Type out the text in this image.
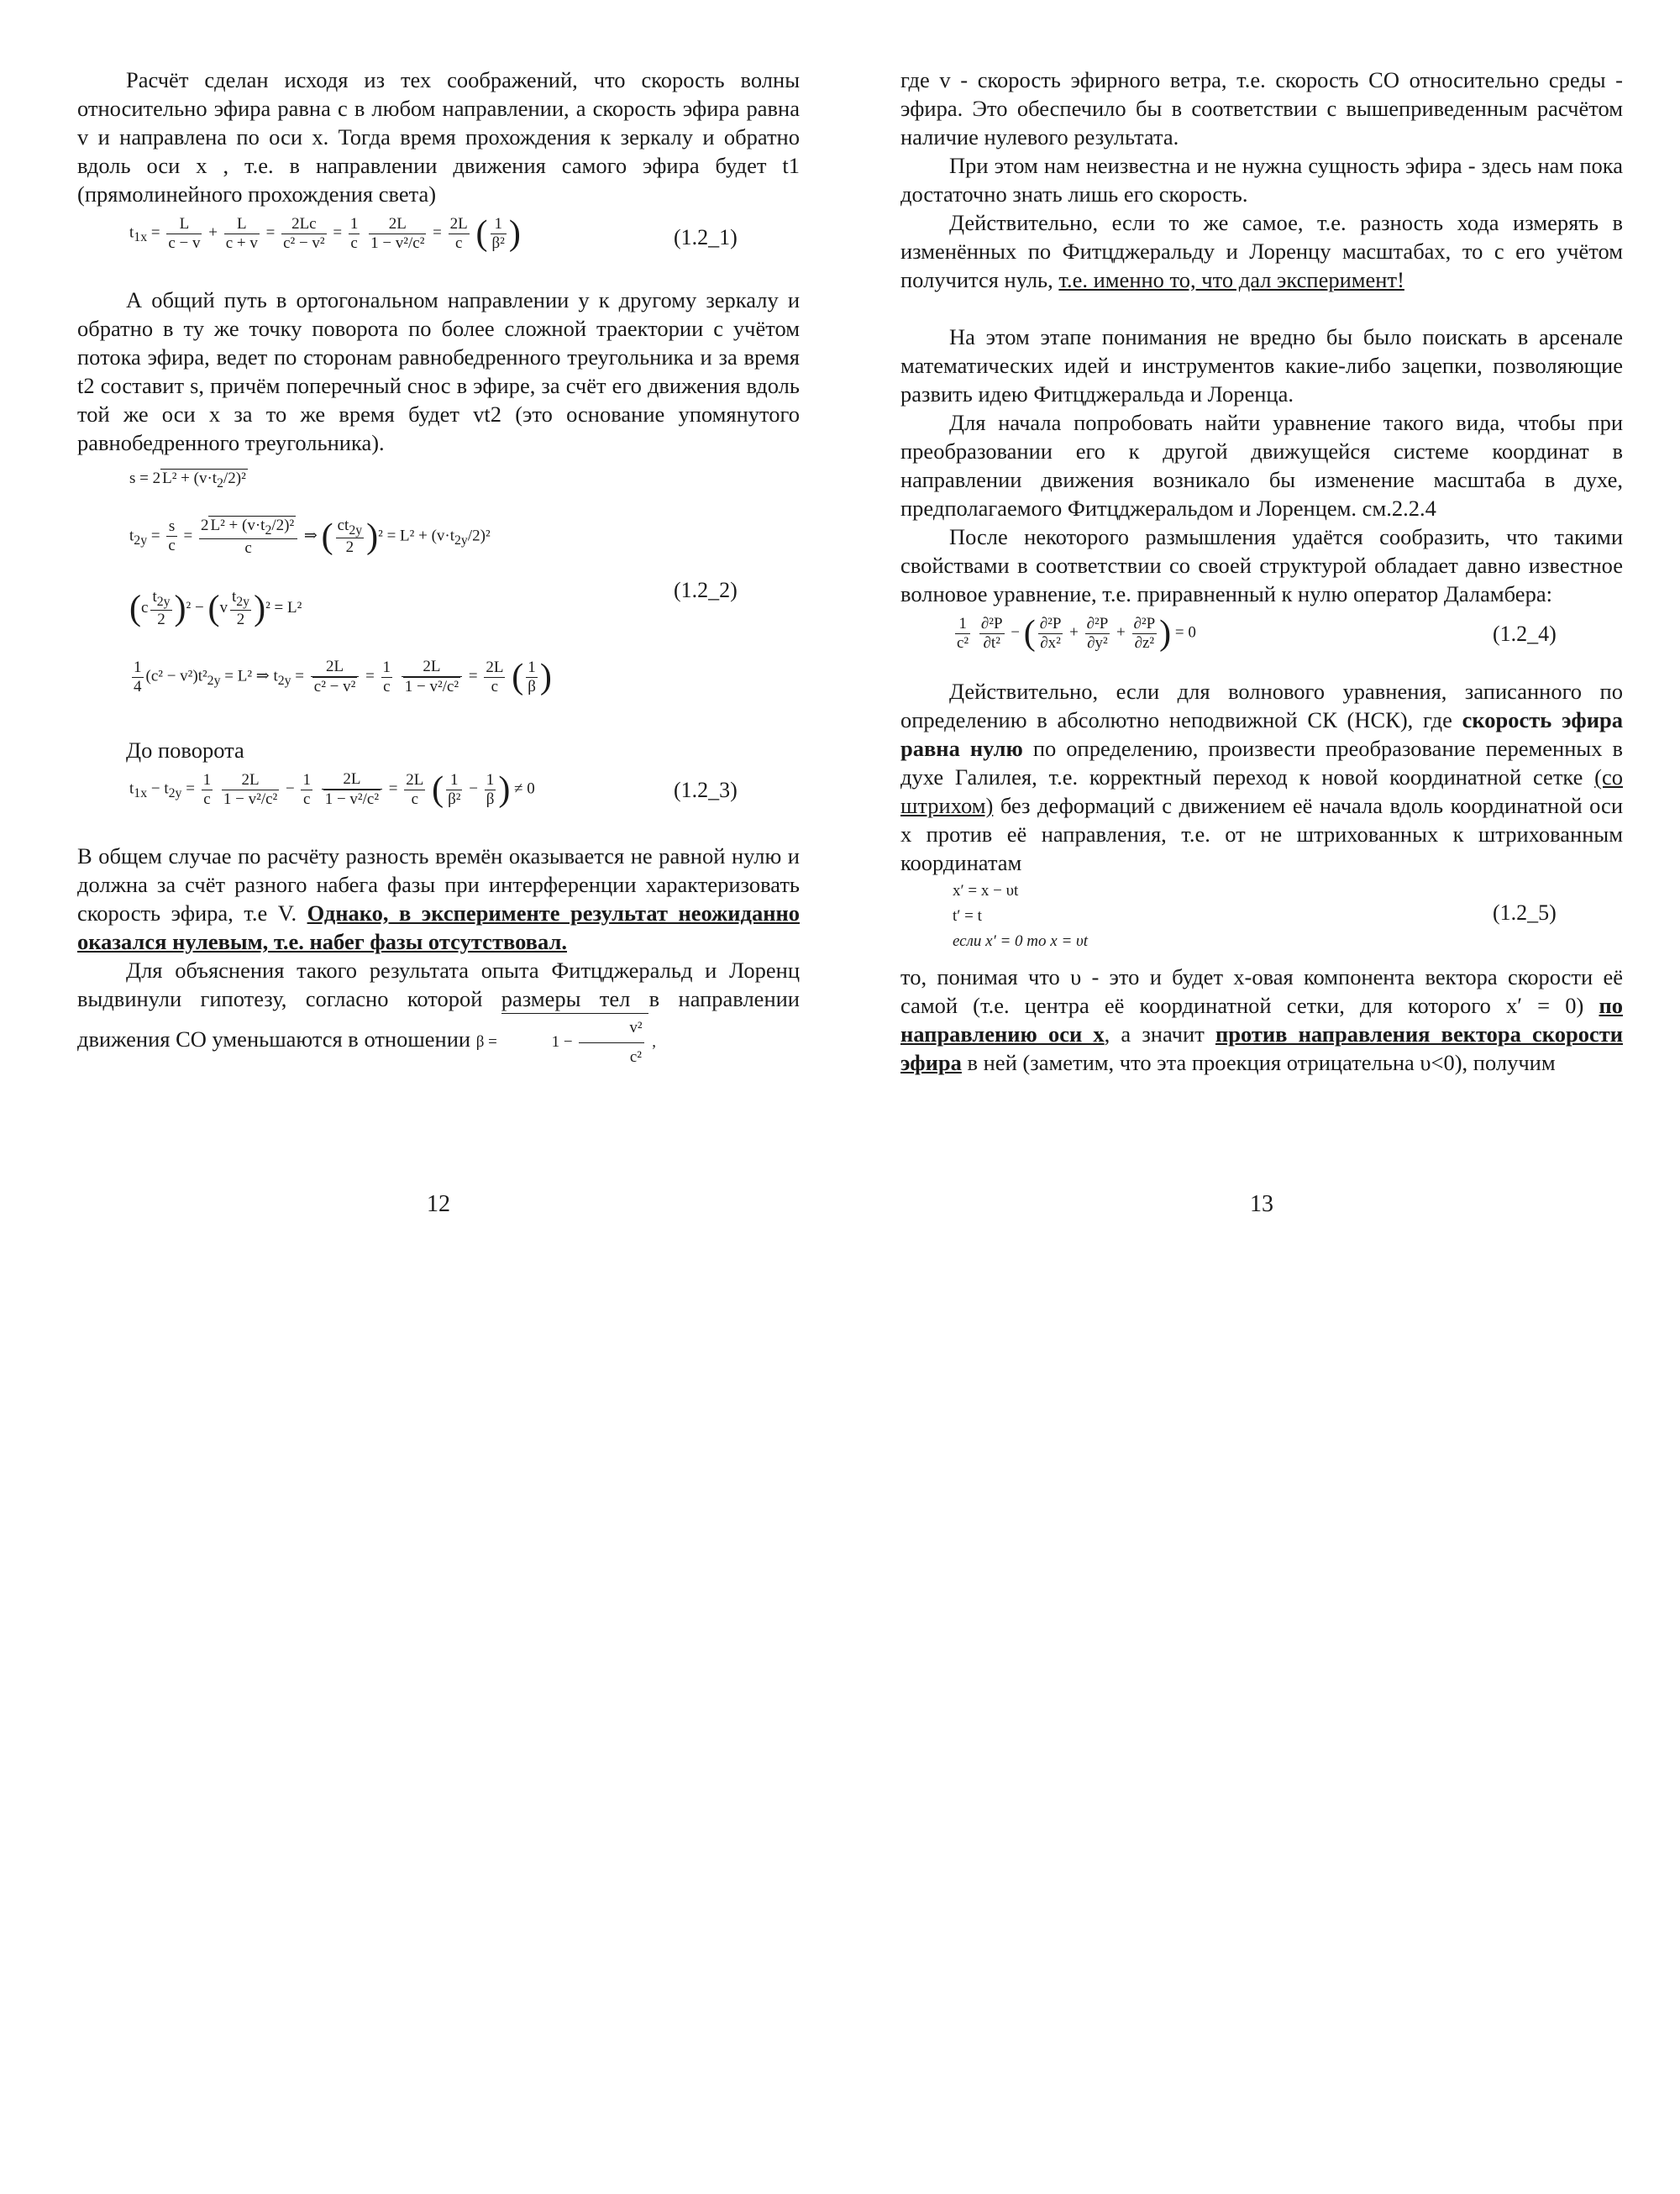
Расчёт сделан исходя из тех соображений, что скорость волны относительно эфира равна c в любом направлении, а скорость эфира равна v и направлена по оси x. Тогда время прохождения к зеркалу и обратно вдоль оси x , т.е. в направлении движения самого эфира будет t1 (прямолинейного прохождения света)

$t_{1x} = \frac{L}{c - v} + \frac{L}{c + v} = \frac{2Lc}{\text{c² − v²}} = \frac{1}{c}$
$\frac{2L}{\text{1 − v²/c²}} = \frac{2L}{c}$ ( $\frac{1}{\text{β²}}$ )	(1.2_1)

А общий путь в ортогональном направлении y к другому зеркалу и обратно в ту же точку поворота по более сложной траектории с учётом потока эфира, ведет по сторонам равнобедренного треугольника и за время t2 составит s, причём поперечный снос в эфире, за счёт его движения вдоль той же оси x за то же время будет vt2 (это основание упомянутого равнобедренного треугольника).

s = 2 $L^2 + (v\cdot t_2/2)^2$
$t_{2y} = \frac{s}{c} = \frac{2 L^2 + (v\cdot t_2/2)^2}{c}$ ⇒ ( $\frac{ct_{2y}}{2} )^2 = L^2 + (v\cdot t_{2y}/2)^2$
$(c \frac{t_{2y}}{2} )^2 - (v \frac{t_{2y}}{2} )^2 = L^2$
$\frac{1}{4} (c^2 - v^2)t^2_{2y} = L^2$ ⇒ $t_{2y} = \frac{2L}{\text{c² − v²}} = \frac{1}{c}$
$\frac{2L}{\text{1 − v²/c²}} = \frac{2L}{c}$ ( $\frac{1}{\beta}$ )
(1.2_2)

До поворота

$t_{1x} - t_{2y} = \frac{1}{c}$
$\frac{2L}{\text{1 − v²/c²}} - \frac{1}{c}$
$\frac{2L}{\text{1 − v²/c²}} = \frac{2L}{c}$ ( $\frac{1}{\text{β²}} - \frac{1}{\beta}$ ) ≠ 0	(1.2_3)

В общем случае по расчёту разность времён оказывается не равной нулю и должна за счёт разного набега фазы при интерференции характеризовать скорость эфира, т.е V. Однако, в эксперименте результат неожиданно оказался нулевым, т.е. набег фазы отсутствовал.

Для объяснения такого результата опыта Фитцджеральд и Лоренц выдвинули гипотезу, согласно которой размеры тел в направлении движения СО уменьшаются в отношении β =	$1 - \frac{\text{v²}}{\text{c²}}$ ,

12

где v - скорость эфирного ветра, т.е. скорость СО относительно среды - эфира. Это обеспечило бы в соответствии с вышеприведенным расчётом наличие нулевого результата.

При этом нам неизвестна и не нужна сущность эфира - здесь нам пока достаточно знать лишь его скорость.

Действительно, если то же самое, т.е. разность хода измерять в изменённых по Фитцджеральду и Лоренцу масштабах, то с его учётом получится нуль, т.е. именно то, что дал эксперимент!

На этом этапе понимания не вредно бы было поискать в арсенале математических идей и инструментов какие-либо зацепки, позволяющие развить идею Фитцджеральда и Лоренца.

Для начала попробовать найти уравнение такого вида, чтобы при преобразовании его к другой движущейся системе координат в направлении движения возникало бы изменение масштаба в духе, предполагаемого Фитцджеральдом и Лоренцем. см.2.2.4

После некоторого размышления удаётся сообразить, что такими свойствами в соответствии со своей структурой обладает давно известное волновое уравнение, т.е. приравненный к нулю оператор Даламбера:

$\frac{1}{\text{c²}}$
$\frac{\text{∂²P}}{\text{∂t²}}$ − ( $\frac{\text{∂²P}}{\text{∂x²}} + \frac{\text{∂²P}}{\text{∂y²}} + \frac{\text{∂²P}}{\text{∂z²}}$ ) = 0	(1.2_4)

Действительно, если для волнового уравнения, записанного по определению в абсолютно неподвижной СК (НСК), где скорость эфира равна нулю по определению, произвести преобразование переменных в духе Галилея, т.е. корректный переход к новой координатной сетке (со штрихом) без деформаций с движением её начала вдоль координатной оси x против её направления, т.е. от не штрихованных к штрихованным координатам

x′ = x − υt
t′ = t
если x′ = 0 то x = υt
(1.2_5)

то, понимая что υ - это и будет x-овая компонента вектора скорости её самой (т.е. центра её координатной сетки, для которого x′ = 0) по направлению оси x, а значит против направления вектора скорости эфира в ней (заметим, что эта проекция отрицательна υ<0), получим

13
